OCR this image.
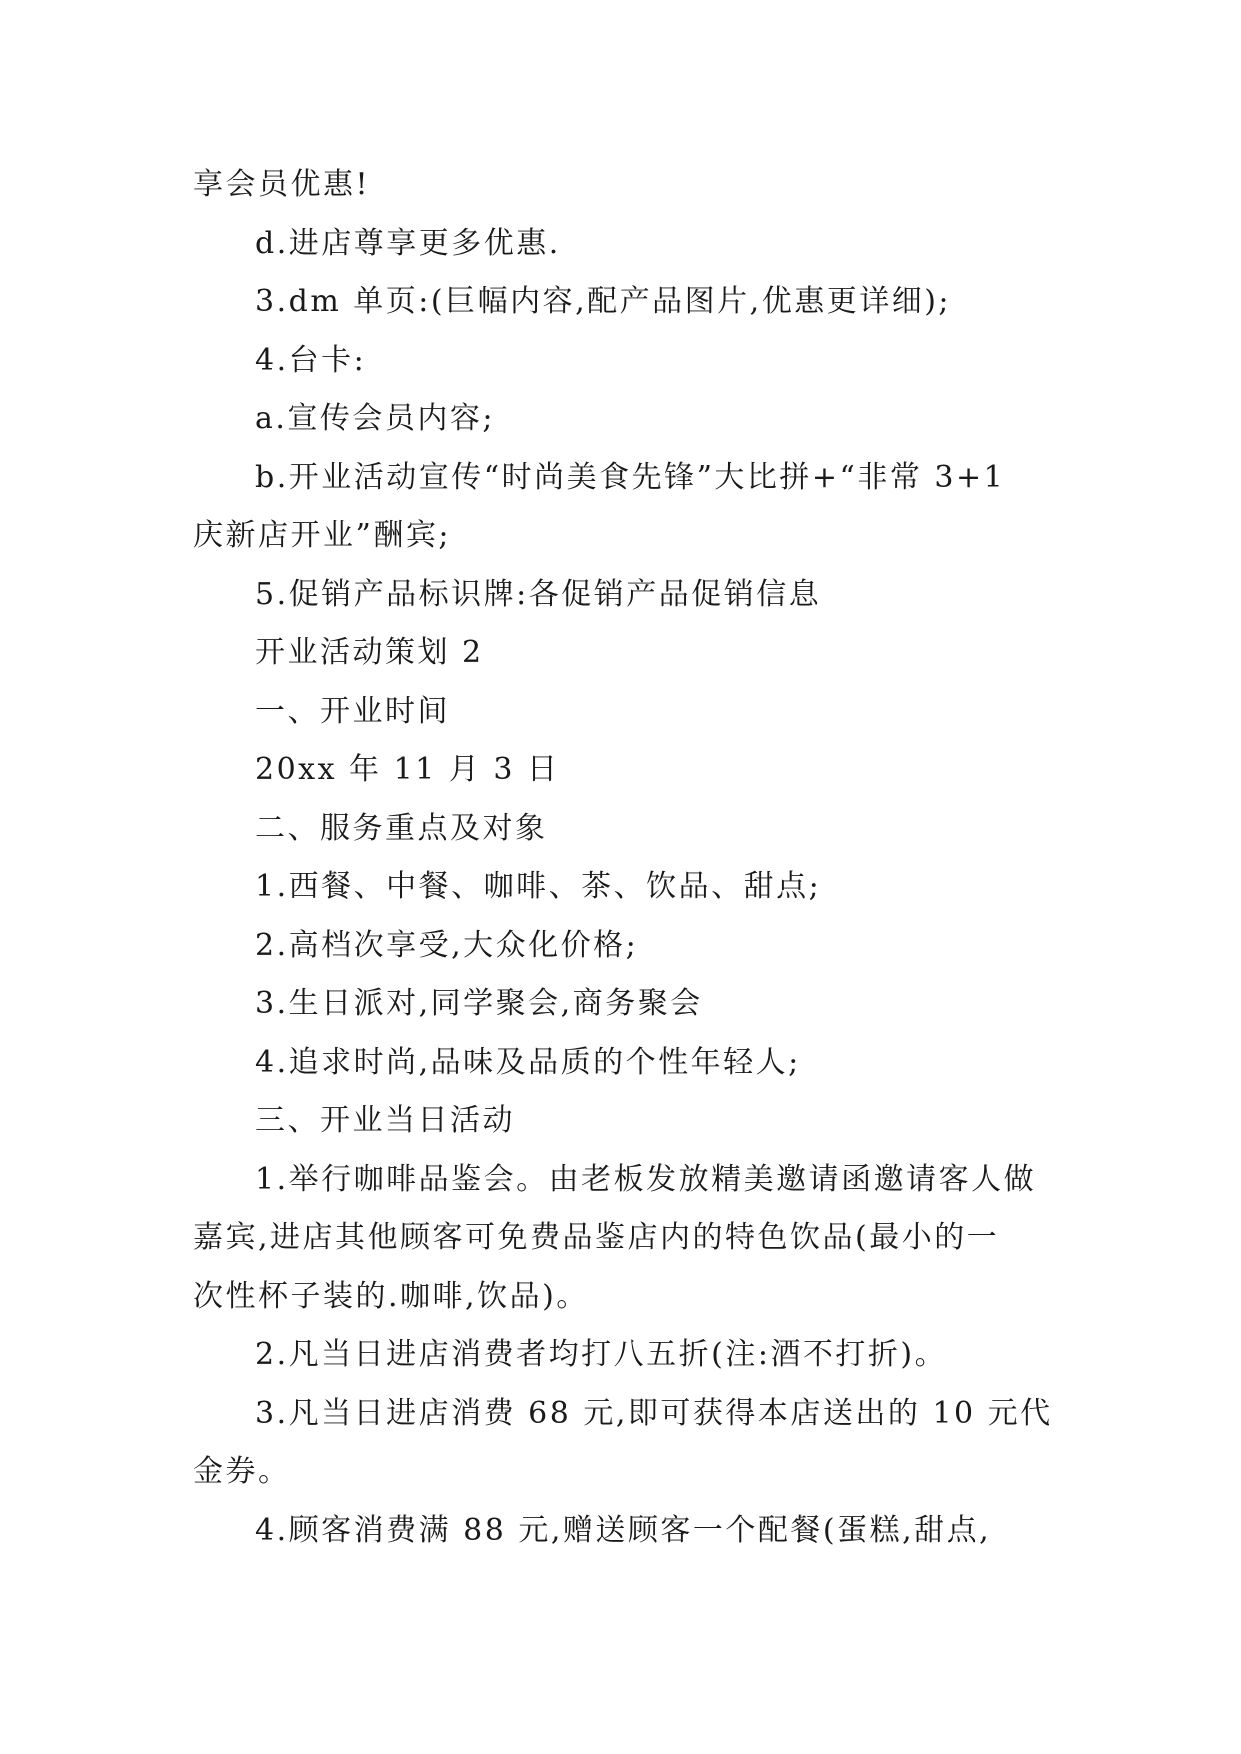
享会员优惠!
d.进店尊享更多优惠.
3.dm 单页:(巨幅内容,配产品图片,优惠更详细);
4.台卡:
a.宣传会员内容;
b.开业活动宣传“时尚美食先锋”大比拼+“非常 3+1
庆新店开业”酬宾;
5.促销产品标识牌:各促销产品促销信息
开业活动策划 2
一、开业时间
20xx 年 11 月 3 日
二、服务重点及对象
1.西餐、中餐、咖啡、茶、饮品、甜点;
2.高档次享受,大众化价格;
3.生日派对,同学聚会,商务聚会
4.追求时尚,品味及品质的个性年轻人;
三、开业当日活动
1.举行咖啡品鉴会。由老板发放精美邀请函邀请客人做
嘉宾,进店其他顾客可免费品鉴店内的特色饮品(最小的一
次性杯子装的.咖啡,饮品)。
2.凡当日进店消费者均打八五折(注:酒不打折)。
3.凡当日进店消费 68 元,即可获得本店送出的 10 元代
金券。
4.顾客消费满 88 元,赠送顾客一个配餐(蛋糕,甜点,
